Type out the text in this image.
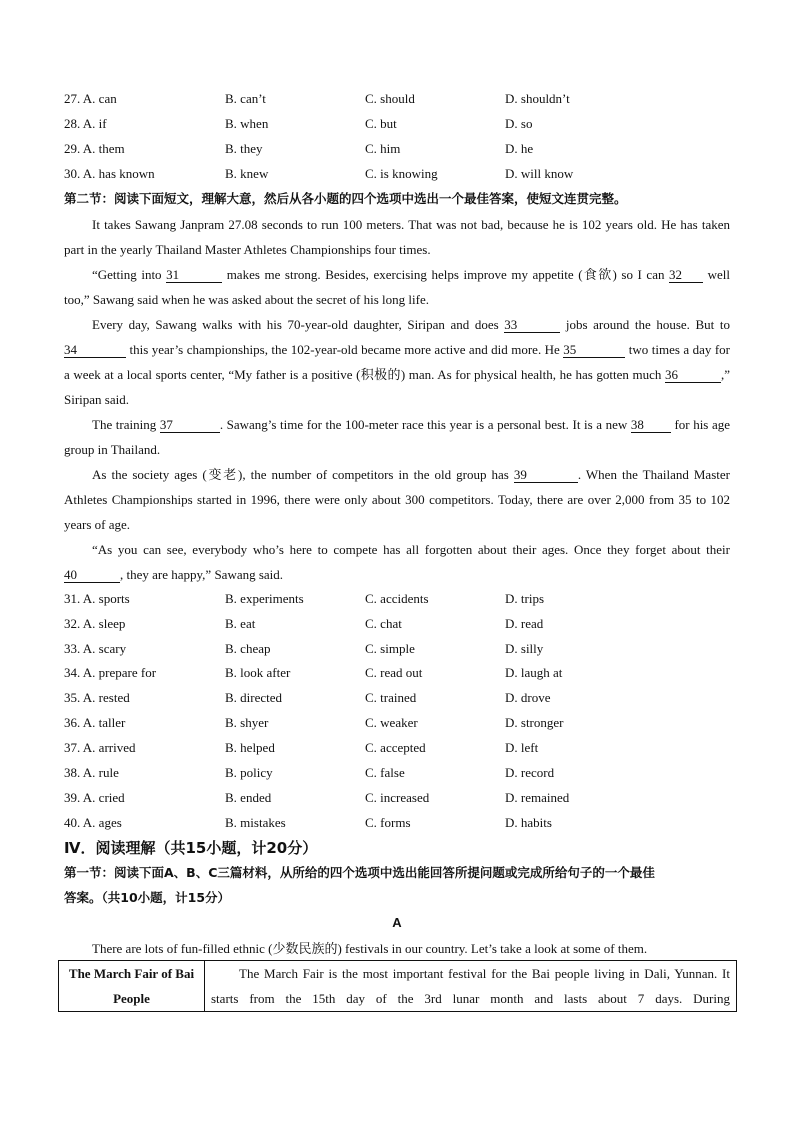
27. A. can	B. can’t	C. should	D. shouldn’t
28. A. if	B. when	C. but	D. so
29. A. them	B. they	C. him	D. he
30. A. has known	B. knew	C. is knowing	D. will know
第二节：阅读下面短文，理解大意，然后从各小题的四个选项中选出一个最佳答案，使短文连贯完整。
It takes Sawang Janpram 27.08 seconds to run 100 meters. That was not bad, because he is 102 years old. He has taken part in the yearly Thailand Master Athletes Championships four times.
“Getting into 31	makes me strong. Besides, exercising helps improve my appetite (食欲) so I can 32 well too,” Sawang said when he was asked about the secret of his long life.
Every day, Sawang walks with his 70-year-old daughter, Siripan and does 33	jobs around the house. But to 34	this year’s championships, the 102-year-old became more active and did more. He 35	two times a day for a week at a local sports center, “My father is a positive (积极的) man. As for physical health, he has gotten much 36	,” Siripan said.
The training 37	. Sawang’s time for the 100-meter race this year is a personal best. It is a new 38 for his age group in Thailand.
As the society ages (变老), the number of competitors in the old group has 39	. When the Thailand Master Athletes Championships started in 1996, there were only about 300 competitors. Today, there are over 2,000 from 35 to 102 years of age.
“As you can see, everybody who’s here to compete has all forgotten about their ages. Once they forget about their 40	, they are happy,” Sawang said.
31. A. sports	B. experiments	C. accidents	D. trips
32. A. sleep	B. eat	C. chat	D. read
33. A. scary	B. cheap	C. simple	D. silly
34. A. prepare for	B. look after	C. read out	D. laugh at
35. A. rested	B. directed	C. trained	D. drove
36. A. taller	B. shyer	C. weaker	D. stronger
37. A. arrived	B. helped	C. accepted	D. left
38. A. rule	B. policy	C. false	D. record
39. A. cried	B. ended	C. increased	D. remained
40. A. ages	B. mistakes	C. forms	D. habits
Ⅳ．阅读理解（共15小题，计20分）
第一节：阅读下面A、B、C三篇材料，从所给的四个选项中选出能回答所提问题或完成所给句子的一个最佳
答案。（共10小题，计15分）
A
There are lots of fun-filled ethnic (少数民族的) festivals in our country. Let’s take a look at some of them.
The March Fair of Bai People	The March Fair is the most important festival for the Bai people living in Dali, Yunnan. It starts from the 15th day of the 3rd lunar month and lasts about 7 days. During
